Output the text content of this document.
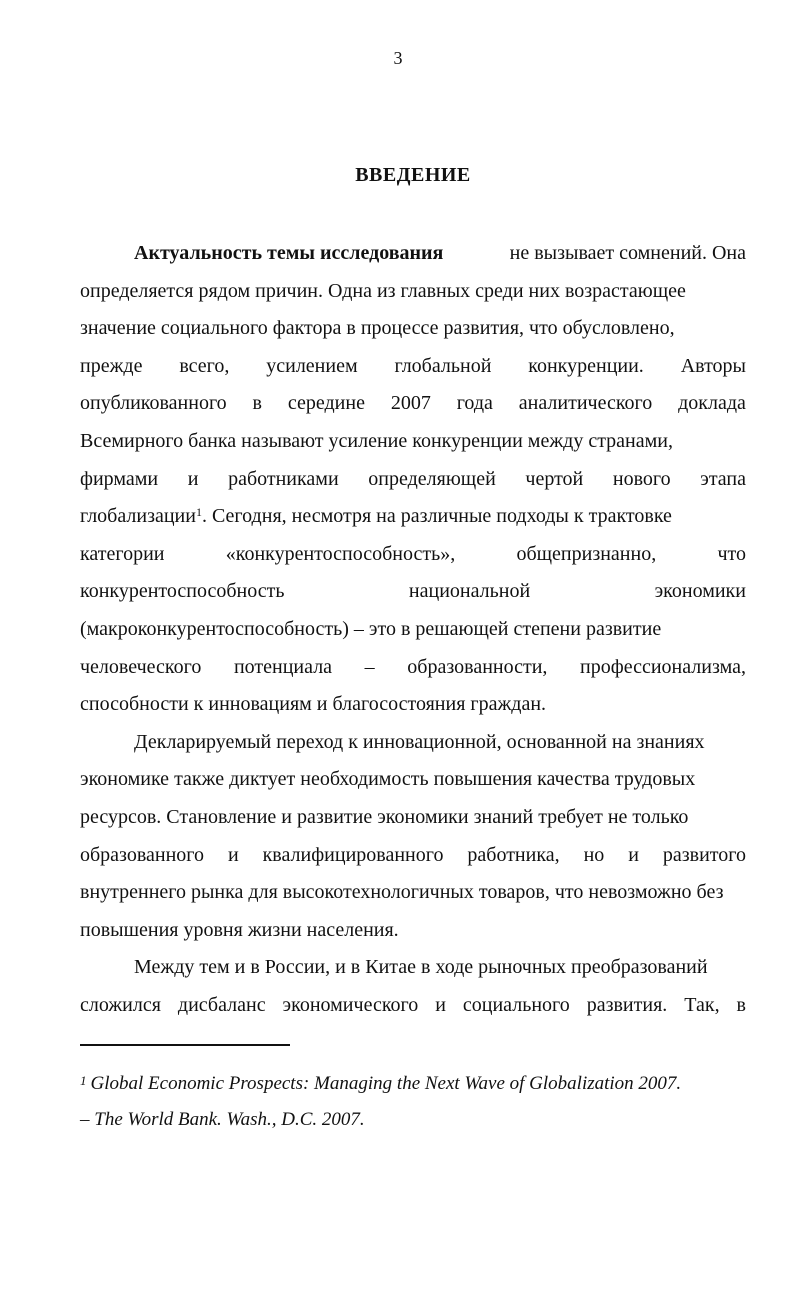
3
ВВЕДЕНИЕ
Актуальность темы исследования	не вызывает сомнений. Она
определяется рядом причин. Одна из главных среди них возрастающее
значение социального фактора в процессе развития, что обусловлено,
прежде всего, усилением глобальной конкуренции. Авторы
опубликованного в середине 2007 года аналитического доклада
Всемирного банка называют усиление конкуренции между странами,
фирмами и работниками определяющей чертой нового этапа
глобализации$^1$. Сегодня, несмотря на различные подходы к трактовке
категории	«конкурентоспособность»,	общепризнанно,	что
конкурентоспособность	национальной	экономики
(макроконкурентоспособность) – это в решающей степени развитие
человеческого потенциала – образованности, профессионализма,
способности к инновациям и благосостояния граждан.
Декларируемый переход к инновационной, основанной на знаниях
экономике также диктует необходимость повышения качества трудовых
ресурсов. Становление и развитие экономики знаний требует не только
образованного и квалифицированного работника, но и развитого
внутреннего рынка для высокотехнологичных товаров, что невозможно без
повышения уровня жизни населения.
Между тем и в России, и в Китае в ходе рыночных преобразований
сложился дисбаланс экономического и социального развития. Так, в
$^1$ Global Economic Prospects: Managing the Next Wave of Globalization 2007.
– The World Bank. Wash., D.C. 2007.
